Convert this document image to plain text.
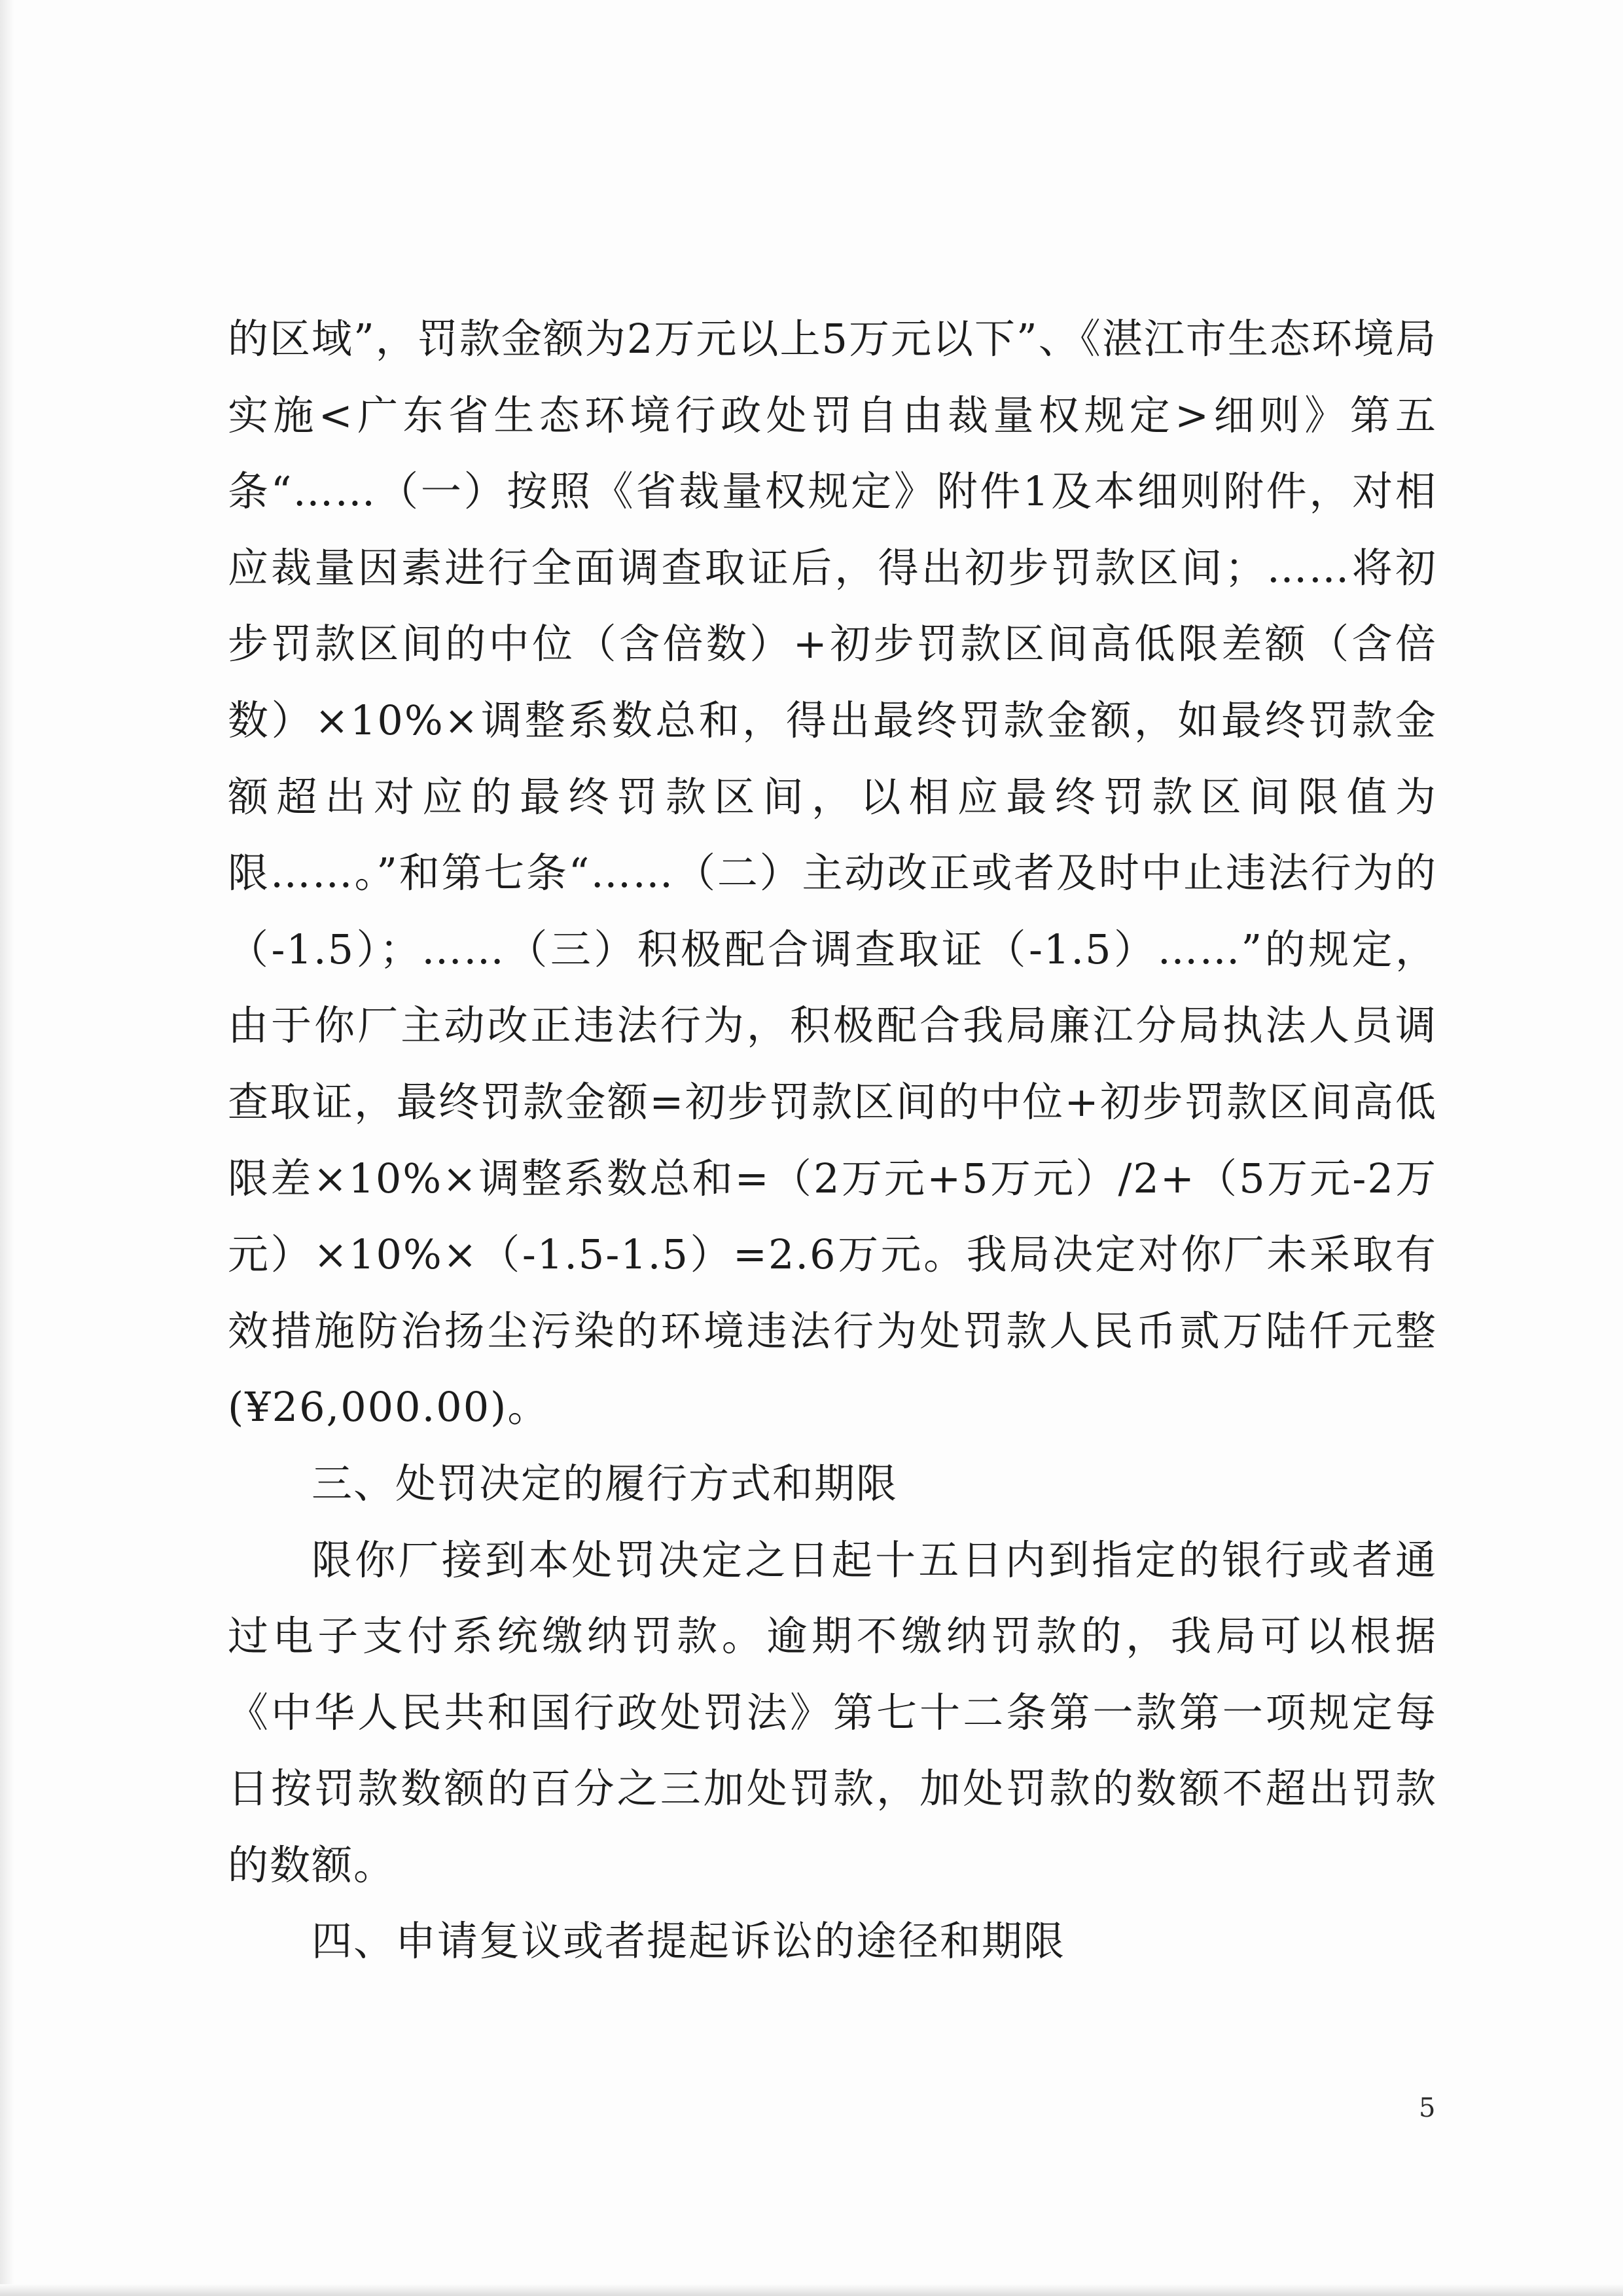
的区域”，罚款金额为2万元以上5万元以下”、《湛江市生态环境局实施<广东省生态环境行政处罚自由裁量权规定>细则》第五条“……（一）按照《省裁量权规定》附件1及本细则附件，对相应裁量因素进行全面调查取证后，得出初步罚款区间；……将初步罚款区间的中位（含倍数）+初步罚款区间高低限差额（含倍数）×10%×调整系数总和，得出最终罚款金额，如最终罚款金额超出对应的最终罚款区间，以相应最终罚款区间限值为限……。”和第七条“……（二）主动改正或者及时中止违法行为的（-1.5）；……（三）积极配合调查取证（-1.5）……”的规定，由于你厂主动改正违法行为，积极配合我局廉江分局执法人员调查取证，最终罚款金额=初步罚款区间的中位+初步罚款区间高低限差×10%×调整系数总和=（2万元+5万元）/2+（5万元-2万元）×10%×（-1.5-1.5）=2.6万元。我局决定对你厂未采取有效措施防治扬尘污染的环境违法行为处罚款人民币贰万陆仟元整(¥26,000.00)。

三、处罚决定的履行方式和期限

限你厂接到本处罚决定之日起十五日内到指定的银行或者通过电子支付系统缴纳罚款。逾期不缴纳罚款的，我局可以根据《中华人民共和国行政处罚法》第七十二条第一款第一项规定每日按罚款数额的百分之三加处罚款，加处罚款的数额不超出罚款的数额。

四、申请复议或者提起诉讼的途径和期限
5
